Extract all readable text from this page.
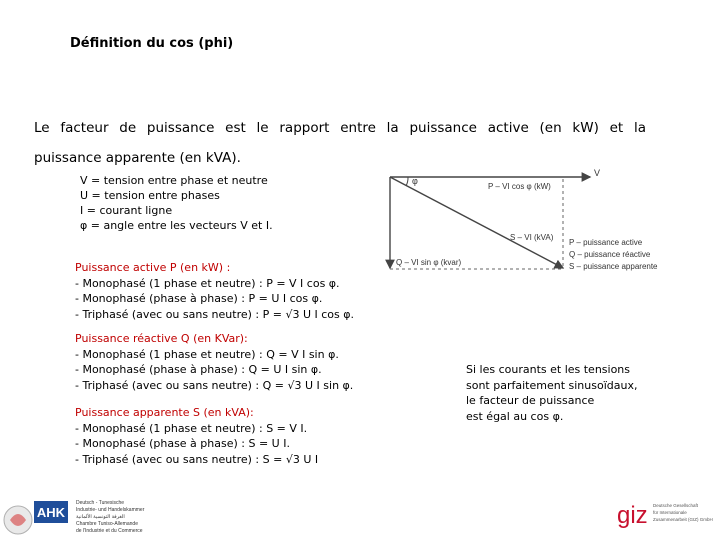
Définition du cos (phi)
Le facteur de puissance est le rapport entre la puissance active (en kW) et la
puissance apparente (en kVA).
V = tension entre phase et neutre
U = tension entre phases
I = courant ligne
φ = angle entre les vecteurs V et I.
Puissance active P (en kW) :
- Monophasé (1 phase et neutre) : P = V I cos φ.
- Monophasé (phase à phase) : P = U I cos φ.
- Triphasé (avec ou sans neutre) : P = √3 U I cos φ.
Puissance réactive Q (en KVar):
- Monophasé (1 phase et neutre) : Q = V I sin φ.
- Monophasé (phase à phase) : Q = U I sin φ.
- Triphasé (avec ou sans neutre) : Q = √3 U I sin φ.
Puissance apparente S (en kVA):
- Monophasé (1 phase et neutre) : S = V I.
- Monophasé (phase à phase) : S = U I.
- Triphasé (avec ou sans neutre) : S = √3 U I
φ
V
P – VI cos φ (kW)
S – VI (kVA)
Q – VI sin φ (kvar)
P – puissance active
Q – puissance réactive
S – puissance apparente
Si les courants et les tensions
sont parfaitement sinusoïdaux,
le facteur de puissance
est égal au cos φ.
AHK
Deutsch - Tunesische
Industrie- und Handelskammer
الغرفة التونسية الألمانية
Chambre Tuniso-Allemande
de l'Industrie et du Commerce
giz Deutsche Gesellschaft
für Internationale
Zusammenarbeit (GIZ) GmbH
